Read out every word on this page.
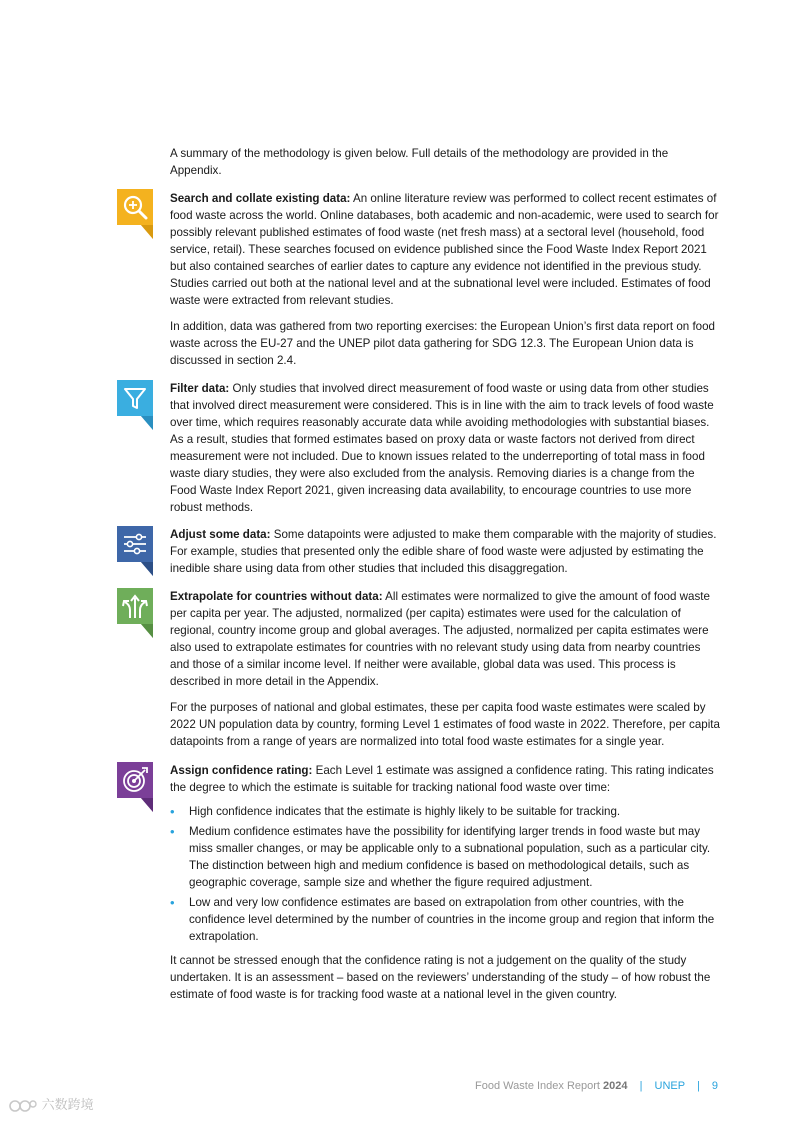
A summary of the methodology is given below. Full details of the methodology are provided in the Appendix.

Search and collate existing data: An online literature review was performed to collect recent estimates of food waste across the world. Online databases, both academic and non-academic, were used to search for possibly relevant published estimates of food waste (net fresh mass) at a sectoral level (household, food service, retail). These searches focused on evidence published since the Food Waste Index Report 2021 but also contained searches of earlier dates to capture any evidence not identified in the previous study. Studies carried out both at the national level and at the subnational level were included. Estimates of food waste were extracted from relevant studies.

In addition, data was gathered from two reporting exercises: the European Union’s first data report on food waste across the EU-27 and the UNEP pilot data gathering for SDG 12.3. The European Union data is discussed in section 2.4.

Filter data: Only studies that involved direct measurement of food waste or using data from other studies that involved direct measurement were considered. This is in line with the aim to track levels of food waste over time, which requires reasonably accurate data while avoiding methodologies with substantial biases. As a result, studies that formed estimates based on proxy data or waste factors not derived from direct measurement were not included. Due to known issues related to the underreporting of total mass in food waste diary studies, they were also excluded from the analysis. Removing diaries is a change from the Food Waste Index Report 2021, given increasing data availability, to encourage countries to use more robust methods.

Adjust some data: Some datapoints were adjusted to make them comparable with the majority of studies. For example, studies that presented only the edible share of food waste were adjusted by estimating the inedible share using data from other studies that included this disaggregation.

Extrapolate for countries without data: All estimates were normalized to give the amount of food waste per capita per year. The adjusted, normalized (per capita) estimates were used for the calculation of regional, country income group and global averages. The adjusted, normalized per capita estimates were also used to extrapolate estimates for countries with no relevant study using data from nearby countries and those of a similar income level. If neither were available, global data was used. This process is described in more detail in the Appendix.

For the purposes of national and global estimates, these per capita food waste estimates were scaled by 2022 UN population data by country, forming Level 1 estimates of food waste in 2022. Therefore, per capita datapoints from a range of years are normalized into total food waste estimates for a single year.

Assign confidence rating: Each Level 1 estimate was assigned a confidence rating. This rating indicates the degree to which the estimate is suitable for tracking national food waste over time:

• High confidence indicates that the estimate is highly likely to be suitable for tracking.
• Medium confidence estimates have the possibility for identifying larger trends in food waste but may miss smaller changes, or may be applicable only to a subnational population, such as a particular city. The distinction between high and medium confidence is based on methodological details, such as geographic coverage, sample size and whether the figure required adjustment.
• Low and very low confidence estimates are based on extrapolation from other countries, with the confidence level determined by the number of countries in the income group and region that inform the extrapolation.

It cannot be stressed enough that the confidence rating is not a judgement on the quality of the study undertaken. It is an assessment – based on the reviewers’ understanding of the study – of how robust the estimate of food waste is for tracking food waste at a national level in the given country.

Food Waste Index Report 2024 | UNEP | 9
六数跨境
